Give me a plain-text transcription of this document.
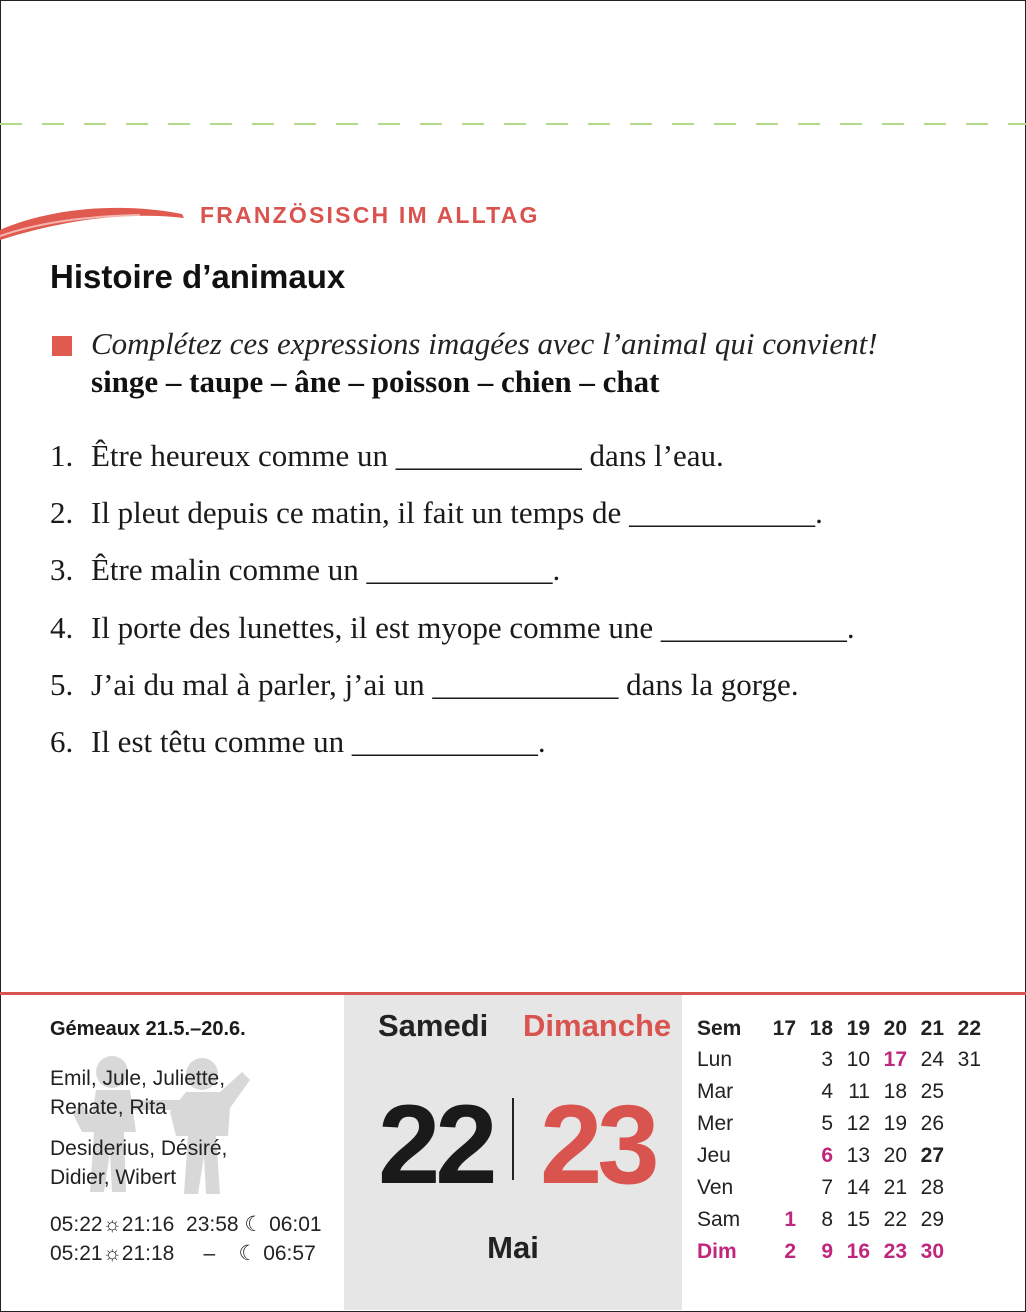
FRANZÖSISCH IM ALLTAG
Histoire d’animaux
Complétez ces expressions imagées avec l’animal qui convient!
singe – taupe – âne – poisson – chien – chat
1. Être heureux comme un ____________ dans l’eau.
2. Il pleut depuis ce matin, il fait un temps de ____________.
3. Être malin comme un ____________.
4. Il porte des lunettes, il est myope comme une ____________.
5. J’ai du mal à parler, j’ai un ____________ dans la gorge.
6. Il est têtu comme un ____________.
Gémeaux 21.5.–20.6.
Emil, Jule, Juliette,
Renate, Rita
Desiderius, Désiré,
Didier, Wibert
05:22☼21:16  23:58 ☾ 06:01
05:21☼21:18     –    ☾ 06:57
Samedi Dimanche
22 23
Mai
Sem	17	18	19	20	21	22
Lun		3	10	17	24	31
Mar		4	11	18	25	
Mer		5	12	19	26	
Jeu		6	13	20	27	
Ven		7	14	21	28	
Sam	1	8	15	22	29	
Dim	2	9	16	23	30	
